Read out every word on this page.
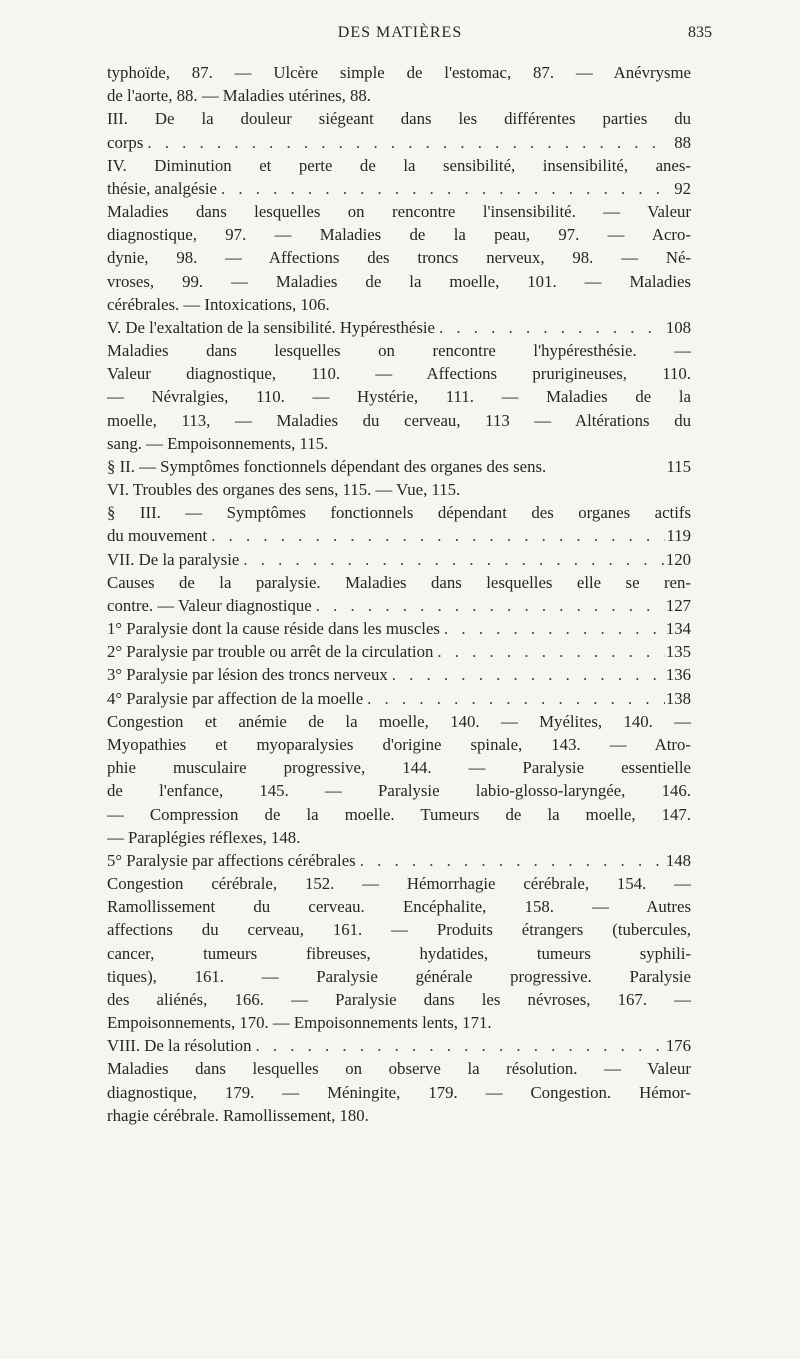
DES MATIÈRES	835
typhoïde, 87. — Ulcère simple de l'estomac, 87. — Anévrysme
de l'aorte, 88. — Maladies utérines, 88.
III. De la douleur siégeant dans les différentes parties du
corps . . .	88
IV. Diminution et perte de la sensibilité, insensibilité, anes-
thésie, analgésie . . .	92
Maladies dans lesquelles on rencontre l'insensibilité. — Valeur
diagnostique, 97. — Maladies de la peau, 97. — Acro-
dynie, 98. — Affections des troncs nerveux, 98. — Né-
vroses, 99. — Maladies de la moelle, 101. — Maladies
cérébrales. — Intoxications, 106.
V. De l'exaltation de la sensibilité. Hypéresthésie . . .	108
Maladies dans lesquelles on rencontre l'hypéresthésie. —
Valeur diagnostique, 110. — Affections prurigineuses, 110.
— Névralgies, 110. — Hystérie, 111. — Maladies de la
moelle, 113, — Maladies du cerveau, 113 — Altérations du
sang. — Empoisonnements, 115.
§ II. — Symptômes fonctionnels dépendant des organes des sens.	115
VI. Troubles des organes des sens, 115. — Vue, 115.
§ III. — Symptômes fonctionnels dépendant des organes actifs
du mouvement . . .	119
VII. De la paralysie . . .	120
Causes de la paralysie. Maladies dans lesquelles elle se ren-
contre. — Valeur diagnostique . . .	127
1° Paralysie dont la cause réside dans les muscles . . .	134
2° Paralysie par trouble ou arrêt de la circulation . . .	135
3° Paralysie par lésion des troncs nerveux . . .	136
4° Paralysie par affection de la moelle . . .	138
Congestion et anémie de la moelle, 140. — Myélites, 140. —
Myopathies et myoparalysies d'origine spinale, 143. — Atro-
phie musculaire progressive, 144. — Paralysie essentielle
de l'enfance, 145. — Paralysie labio-glosso-laryngée, 146.
— Compression de la moelle. Tumeurs de la moelle, 147.
— Paraplégies réflexes, 148.
5° Paralysie par affections cérébrales . . .	148
Congestion cérébrale, 152. — Hémorrhagie cérébrale, 154. —
Ramollissement du cerveau. Encéphalite, 158. — Autres
affections du cerveau, 161. — Produits étrangers (tubercules,
cancer, tumeurs fibreuses, hydatides, tumeurs syphili-
tiques), 161. — Paralysie générale progressive. Paralysie
des aliénés, 166. — Paralysie dans les névroses, 167. —
Empoisonnements, 170. — Empoisonnements lents, 171.
VIII. De la résolution . . .	176
Maladies dans lesquelles on observe la résolution. — Valeur
diagnostique, 179. — Méningite, 179. — Congestion. Hémor-
rhagie cérébrale. Ramollissement, 180.
